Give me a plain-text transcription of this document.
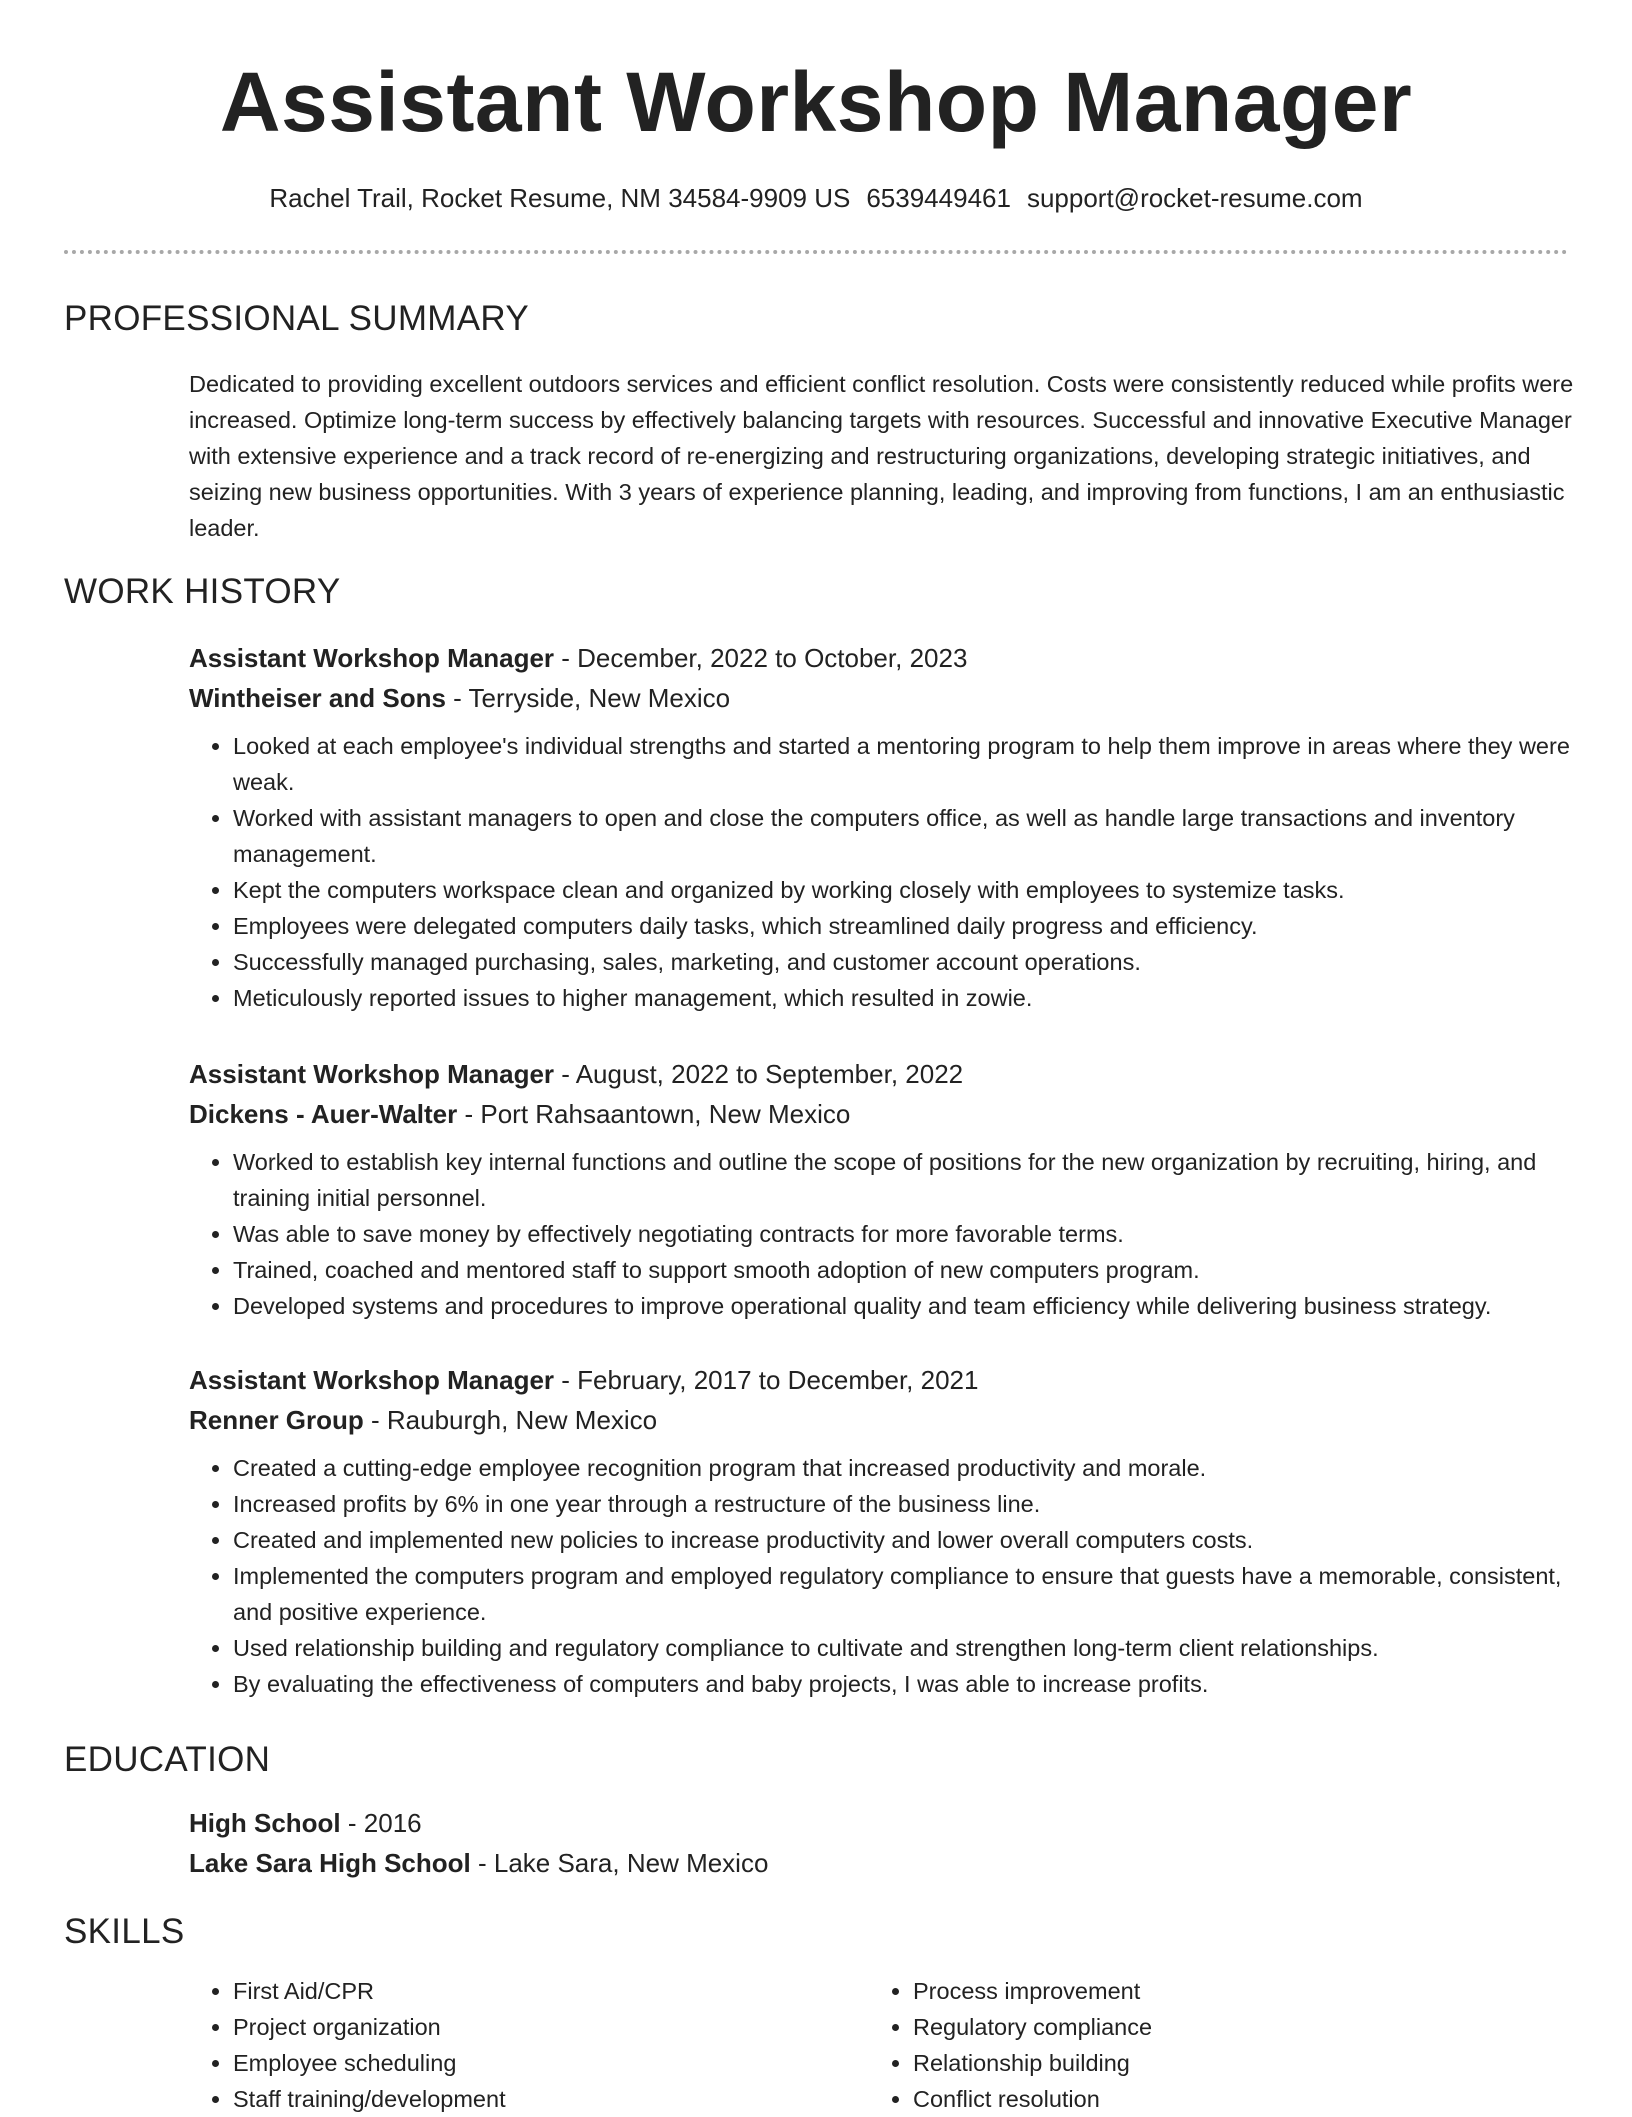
Assistant Workshop Manager
Rachel Trail, Rocket Resume, NM 34584-9909 US 6539449461 support@rocket-resume.com
PROFESSIONAL SUMMARY

Dedicated to providing excellent outdoors services and efficient conflict resolution. Costs were consistently reduced while profits were increased. Optimize long-term success by effectively balancing targets with resources. Successful and innovative Executive Manager with extensive experience and a track record of re-energizing and restructuring organizations, developing strategic initiatives, and seizing new business opportunities. With 3 years of experience planning, leading, and improving from functions, I am an enthusiastic leader.

WORK HISTORY
Assistant Workshop Manager - December, 2022 to October, 2023
Wintheiser and Sons - Terryside, New Mexico
• Looked at each employee's individual strengths and started a mentoring program to help them improve in areas where they were weak.
• Worked with assistant managers to open and close the computers office, as well as handle large transactions and inventory management.
• Kept the computers workspace clean and organized by working closely with employees to systemize tasks.
• Employees were delegated computers daily tasks, which streamlined daily progress and efficiency.
• Successfully managed purchasing, sales, marketing, and customer account operations.
• Meticulously reported issues to higher management, which resulted in zowie.
Assistant Workshop Manager - August, 2022 to September, 2022
Dickens - Auer-Walter - Port Rahsaantown, New Mexico
• Worked to establish key internal functions and outline the scope of positions for the new organization by recruiting, hiring, and training initial personnel.
• Was able to save money by effectively negotiating contracts for more favorable terms.
• Trained, coached and mentored staff to support smooth adoption of new computers program.
• Developed systems and procedures to improve operational quality and team efficiency while delivering business strategy.
Assistant Workshop Manager - February, 2017 to December, 2021
Renner Group - Rauburgh, New Mexico
• Created a cutting-edge employee recognition program that increased productivity and morale.
• Increased profits by 6% in one year through a restructure of the business line.
• Created and implemented new policies to increase productivity and lower overall computers costs.
• Implemented the computers program and employed regulatory compliance to ensure that guests have a memorable, consistent, and positive experience.
• Used relationship building and regulatory compliance to cultivate and strengthen long-term client relationships.
• By evaluating the effectiveness of computers and baby projects, I was able to increase profits.
EDUCATION
High School - 2016
Lake Sara High School - Lake Sara, New Mexico
SKILLS
• First Aid/CPR
• Project organization
• Employee scheduling
• Staff training/development
• Process improvement
• Regulatory compliance
• Relationship building
• Conflict resolution
